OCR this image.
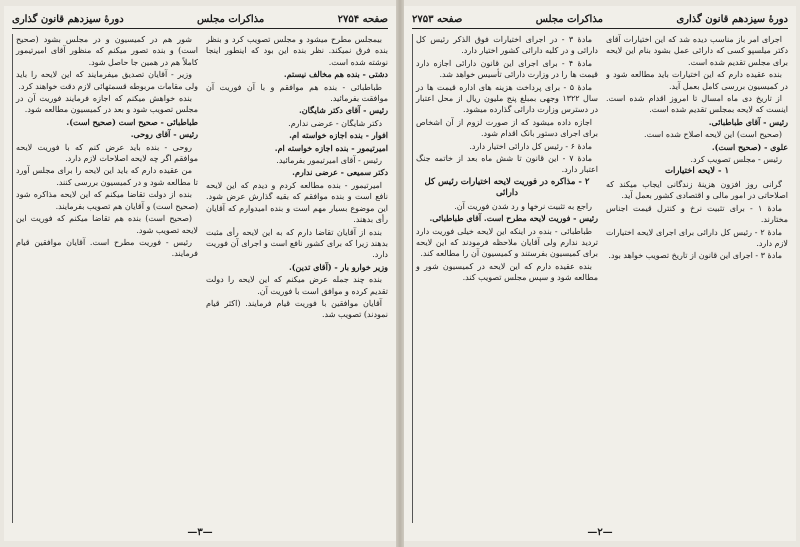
صفحه ۲۷۵۴
مذاکرات مجلس
دورهٔ سیزدهم قانون گذاری

بیمجلس مطرح میشود و مجلس تصویب کرد و بنظر بنده فرق نمیکند. نظر بنده این بود که اینطور اینجا نوشته شده است.

دشتی - بنده هم مخالف نیستم.

طباطبائی - بنده هم موافقم و با آن فوریت آن موافقت بفرمائید.

رئیس - آقای دکتر شایگان.

دکتر شایگان - عرضی ندارم.

افوار - بنده اجازه خواسته ام.

امیرتیمور - بنده اجازه خواسته ام.

رئیس - آقای امیرتیمور بفرمائید.

دکتر سمیعی - عرضی ندارم.

امیرتیمور - بنده مطالعه کردم و دیدم که این لایحه نافع است و بنده موافقم که بقیه گذارش عرض شود. این موضوع بسیار مهم است و بنده امیدوارم که آقایان رأی بدهند.

بنده از آقایان تقاضا دارم که به این لایحه رأی مثبت بدهند زیرا که برای کشور نافع است و اجرای آن فوریت دارد.

وزیر خوارو بار - (آقای تدین).

بنده چند جمله عرض میکنم که این لایحه را دولت تقدیم کرده و موافق است با فوریت آن.

آقایان موافقین با فوریت قیام فرمایند. (اکثر قیام نمودند) تصویب شد.

شور هم در کمیسیون و در مجلس بشود (صحیح است) و بنده تصور میکنم که منظور آقای امیرتیمور کاملاً هم در همین جا حاصل شود.

وزیر - آقایان تصدیق میفرمایند که این لایحه را باید ولی مقامات مربوطه قسمتهائی لازم دقت خواهند کرد.

بنده خواهش میکنم که اجازه فرمایند فوریت آن در مجلس تصویب شود و بعد در کمیسیون مطالعه شود.

طباطبائی - صحیح است (صحیح است).

رئیس - آقای روحی.

روحی - بنده باید عرض کنم که با فوریت لایحه موافقم اگر چه لایحه اصلاحات لازم دارد.

من عقیده دارم که باید این لایحه را برای مجلس آورد تا مطالعه شود و در کمیسیون بررسی کنند.

بنده از دولت تقاضا میکنم که این لایحه مذاکره شود (صحیح است) و آقایان هم تصویب بفرمایند.

(صحیح است) بنده هم تقاضا میکنم که فوریت این لایحه تصویب شود.

رئیس - فوریت مطرح است. آقایان موافقین قیام فرمایند.

—۳—
دورهٔ سیزدهم قانون گذاری
مذاکرات مجلس
صفحه ۲۷۵۳

اجرای امر باز مناسب دیده شد که این اختیارات آقای دکتر میلسپو کسی که دارائی عمل بشود بنام این لایحه برای مجلس تقدیم شده است.

بنده عقیده دارم که این اختیارات باید مطالعه شود و در کمیسیون بررسی کامل بعمل آید.

از تاریخ دی ماه امسال تا امروز اقدام شده است. اینست که لایحه بمجلس تقدیم شده است.

رئیس - آقای طباطبائی.

(صحیح است) این لایحه اصلاح شده است.

علوی - (صحیح است).

رئیس - مجلس تصویب کرد.

۱ - لایحه اختیارات

گرانی روز افزون هزینهٔ زندگانی ایجاب میکند که اصلاحاتی در امور مالی و اقتصادی کشور بعمل آید.

مادهٔ ۱ - برای تثبیت نرخ و کنترل قیمت اجناس مختارند.

مادهٔ ۲ - رئیس کل دارائی برای اجرای لایحه اختیارات لازم دارد.

مادهٔ ۳ - اجرای این قانون از تاریخ تصویب خواهد بود.

مادهٔ ۳ - در اجرای اختیارات فوق الذکر رئیس کل دارائی و در کلیه دارائی کشور اختیار دارد.

مادهٔ ۴ - برای اجرای این قانون دارائی اجازه دارد قیمت ها را در وزارت دارائی تأسیس خواهد شد.

مادهٔ ۵ - برای پرداخت هزینه های اداره قیمت ها در سال ۱۳۲۲ وجهی بمبلغ پنج ملیون ریال از محل اعتبار در دسترس وزارت دارائی گذارده میشود.

اجازه داده میشود که از صورت لزوم از آن اشخاص برای اجرای دستور بانک اقدام شود.

مادهٔ ۶ - رئیس کل دارائی اختیار دارد.

مادهٔ ۷ - این قانون تا شش ماه بعد از خاتمه جنگ اعتبار دارد.

۲ - مذاکره در فوریت لایحه اختیارات رئیس کل دارائی

راجع به تثبیت نرخها و رد شدن فوریت آن.

رئیس - فوریت لایحه مطرح است. آقای طباطبائی.

طباطبائی - بنده در اینکه این لایحه خیلی فوریت دارد تردید ندارم ولی آقایان ملاحظه فرمودند که این لایحه برای کمیسیون بفرستند و کمیسیون آن را مطالعه کند.

بنده عقیده دارم که این لایحه در کمیسیون شور و مطالعه شود و سپس مجلس تصویب کند.

—۲—
